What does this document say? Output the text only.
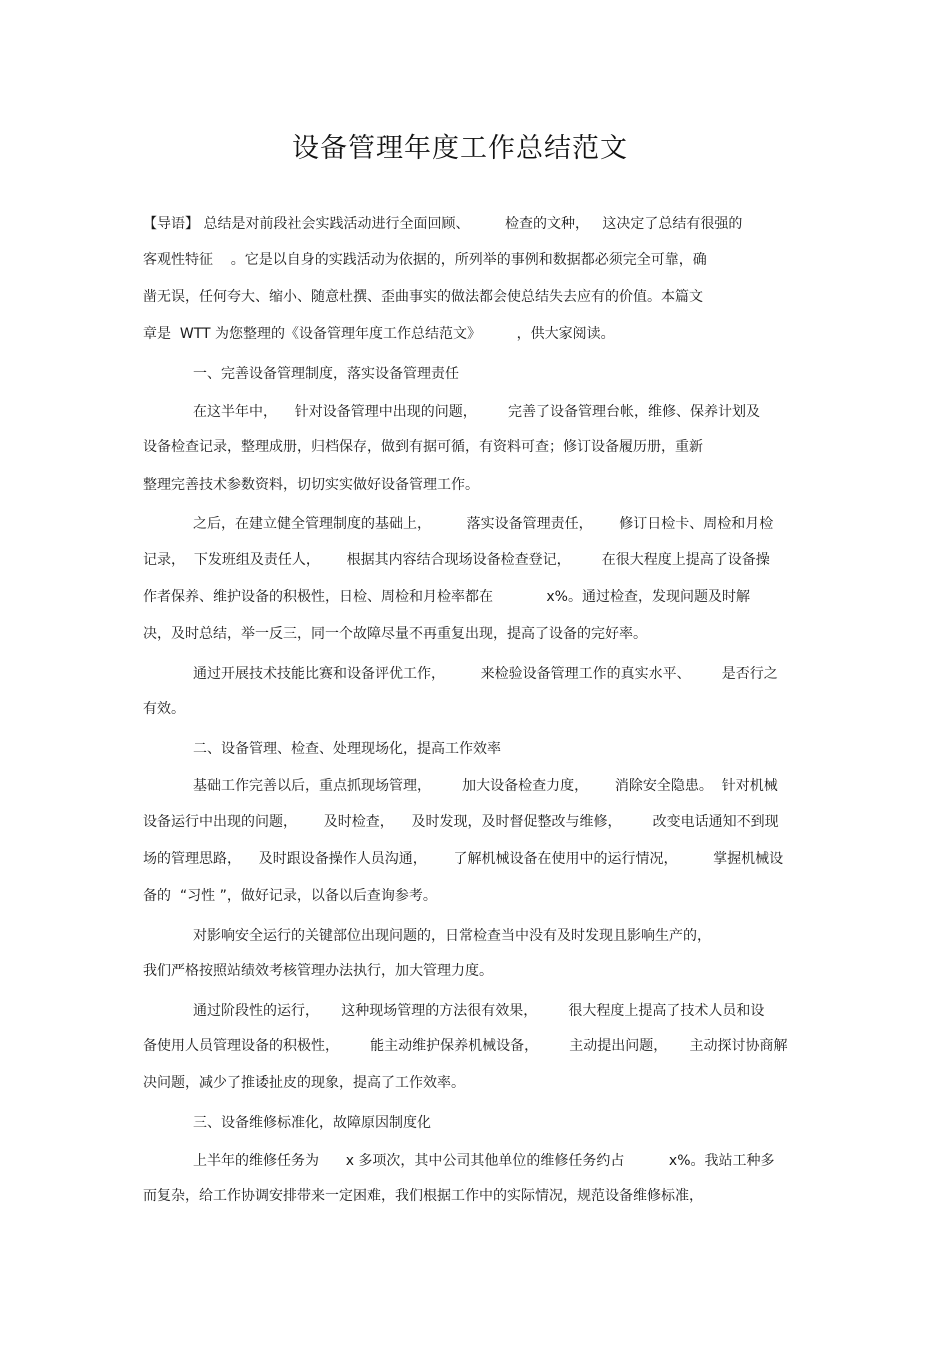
设备管理年度工作总结范文
【导语】 总结是对前段社会实践活动进行全面回顾、        检查的文种，   这决定了总结有很强的
客观性特征    。它是以自身的实践活动为依据的，所列举的事例和数据都必须完全可靠，确
凿无误，任何夸大、缩小、随意杜撰、歪曲事实的做法都会使总结失去应有的价值。本篇文
章是  WTT 为您整理的《设备管理年度工作总结范文》        ，供大家阅读。
一、完善设备管理制度，落实设备管理责任
在这半年中，    针对设备管理中出现的问题，       完善了设备管理台帐，维修、保养计划及
设备检查记录，整理成册，归档保存，做到有据可循，有资料可查；修订设备履历册，重新
整理完善技术参数资料，切切实实做好设备管理工作。
之后，在建立健全管理制度的基础上，        落实设备管理责任，      修订日检卡、周检和月检
记录，  下发班组及责任人，      根据其内容结合现场设备检查登记，       在很大程度上提高了设备操
作者保养、维护设备的积极性，日检、周检和月检率都在            x%。通过检查，发现问题及时解
决，及时总结，举一反三，同一个故障尽量不再重复出现，提高了设备的完好率。
通过开展技术技能比赛和设备评优工作，        来检验设备管理工作的真实水平、       是否行之
有效。
二、设备管理、检查、处理现场化，提高工作效率
基础工作完善以后，重点抓现场管理，       加大设备检查力度，      消除安全隐患。  针对机械
设备运行中出现的问题，      及时检查，    及时发现，及时督促整改与维修，       改变电话通知不到现
场的管理思路，    及时跟设备操作人员沟通，      了解机械设备在使用中的运行情况，        掌握机械设
备的  “习性 ”，做好记录，以备以后查询参考。
对影响安全运行的关键部位出现问题的，日常检查当中没有及时发现且影响生产的，
我们严格按照站绩效考核管理办法执行，加大管理力度。
通过阶段性的运行，     这种现场管理的方法很有效果，       很大程度上提高了技术人员和设
备使用人员管理设备的积极性，       能主动维护保养机械设备，       主动提出问题，     主动探讨协商解
决问题，减少了推诿扯皮的现象，提高了工作效率。
三、设备维修标准化，故障原因制度化
上半年的维修任务为      x 多项次，其中公司其他单位的维修任务约占          x%。我站工种多
而复杂，给工作协调安排带来一定困难，我们根据工作中的实际情况，规范设备维修标准，
